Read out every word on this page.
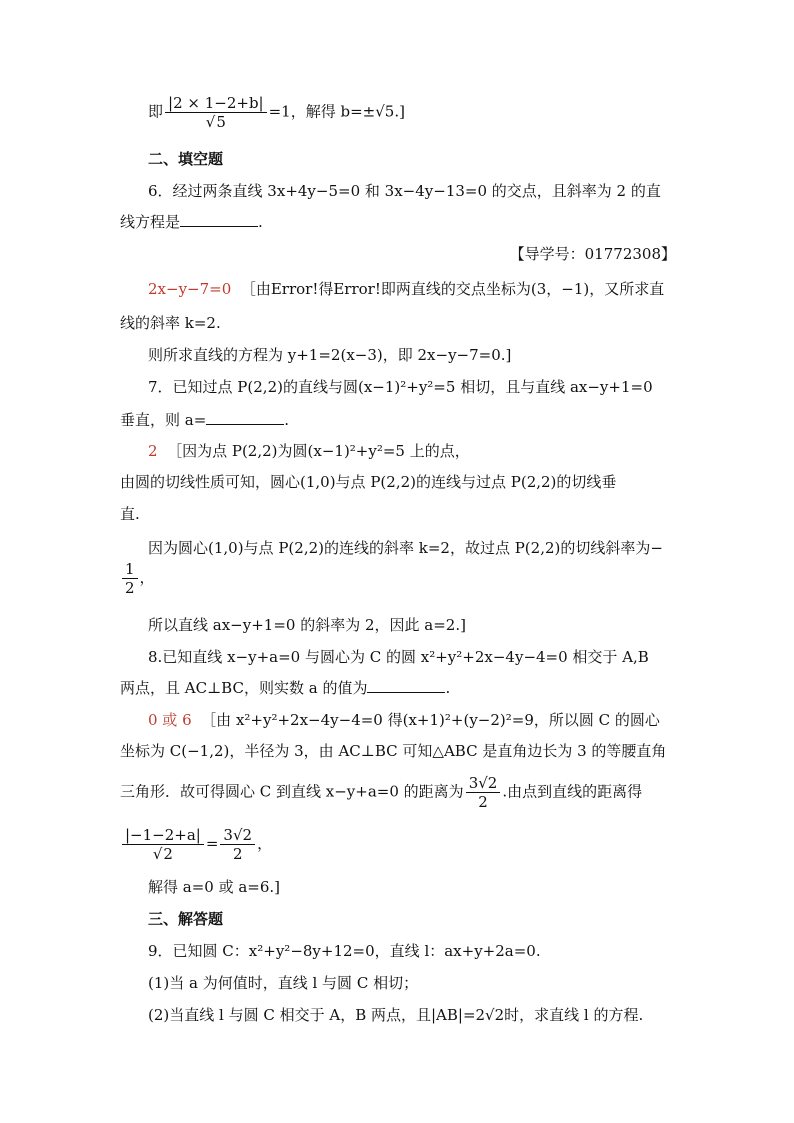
即 $\frac{|2 \times 1-2+b|}{√5} =1$，解得 b=±√5.]
二、填空题
6．经过两条直线 3x+4y−5=0 和 3x−4y−13=0 的交点，且斜率为 2 的直
线方程是	.
【导学号：01772308】
2x−y−7=0 ［由Error!得Error!即两直线的交点坐标为(3，−1)，又所求直
线的斜率 k=2.
则所求直线的方程为 y+1=2(x−3)，即 2x−y−7=0.]
7．已知过点 P(2,2)的直线与圆(x−1)²+y²=5 相切，且与直线 ax−y+1=0
垂直，则 a=	.
2 ［因为点 P(2,2)为圆(x−1)²+y²=5 上的点，
由圆的切线性质可知，圆心(1,0)与点 P(2,2)的连线与过点 P(2,2)的切线垂
直.
因为圆心(1,0)与点 P(2,2)的连线的斜率 k=2，故过点 P(2,2)的切线斜率为−
$\frac{1}{2}$ ，
所以直线 ax−y+1=0 的斜率为 2，因此 a=2.]
8.已知直线 x−y+a=0 与圆心为 C 的圆 x²+y²+2x−4y−4=0 相交于 A,B
两点，且 AC⊥BC，则实数 a 的值为	.
0 或 6 ［由 x²+y²+2x−4y−4=0 得(x+1)²+(y−2)²=9，所以圆 C 的圆心
坐标为 C(−1,2)，半径为 3，由 AC⊥BC 可知△ABC 是直角边长为 3 的等腰直角
三角形．故可得圆心 C 到直线 x−y+a=0 的距离为 $\frac{3√2}{2}$ .由点到直线的距离得
$\frac{|-1-2+a|}{√2} = \frac{3√2}{2}$ ，
解得 a=0 或 a=6.]
三、解答题
9．已知圆 C：x²+y²−8y+12=0，直线 l：ax+y+2a=0.
(1)当 a 为何值时，直线 l 与圆 C 相切；
(2)当直线 l 与圆 C 相交于 A，B 两点，且|AB|=2√2时，求直线 l 的方程.
